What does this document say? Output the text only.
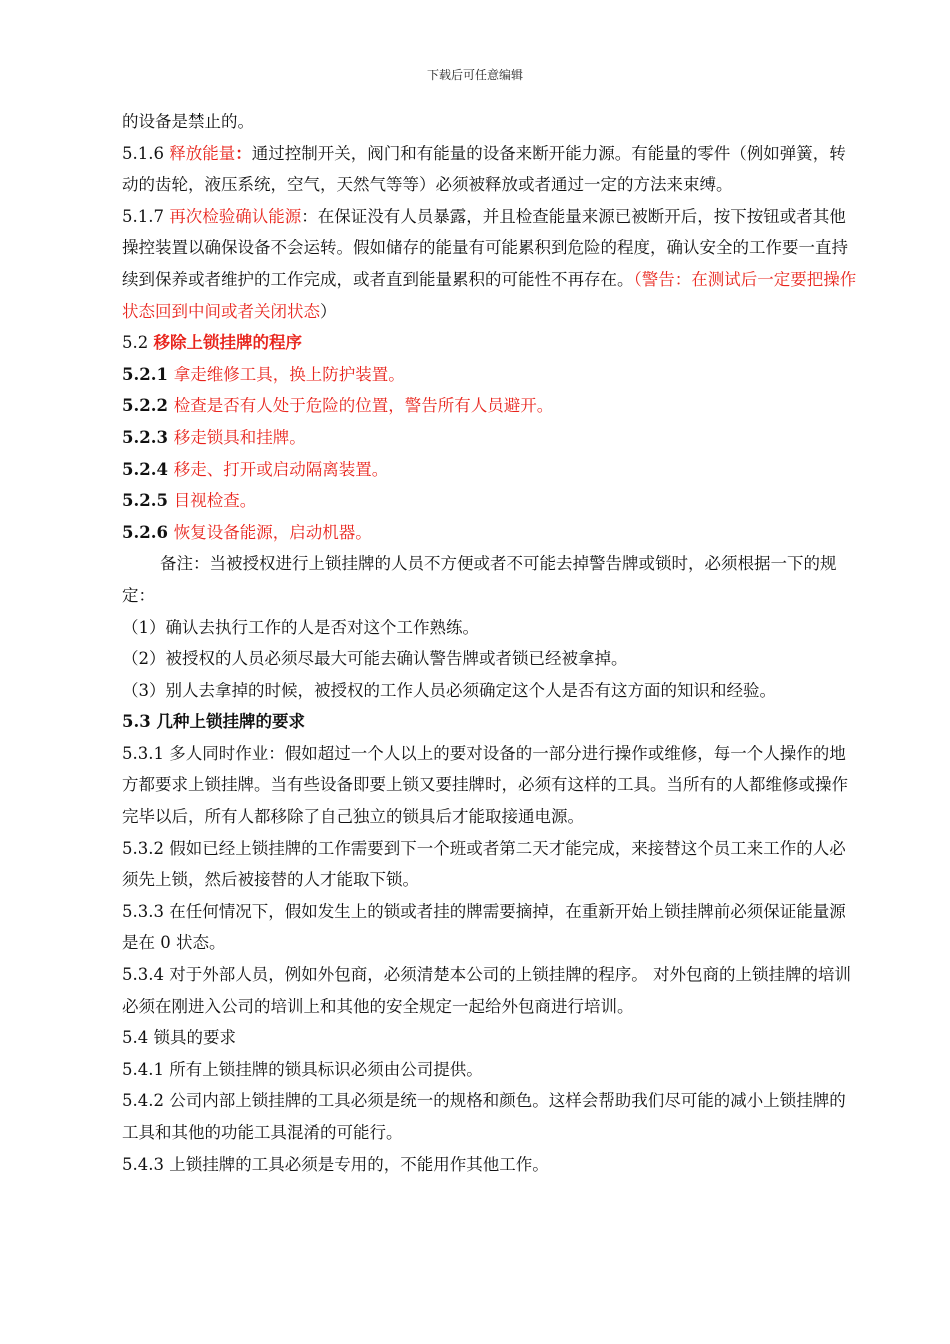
下载后可任意编辑

的设备是禁止的。

5.1.6 释放能量：通过控制开关，阀门和有能量的设备来断开能力源。有能量的零件（例如弹簧，转动的齿轮，液压系统，空气，天然气等等）必须被释放或者通过一定的方法来束缚。

5.1.7 再次检验确认能源：在保证没有人员暴露，并且检查能量来源已被断开后，按下按钮或者其他操控装置以确保设备不会运转。假如储存的能量有可能累积到危险的程度，确认安全的工作要一直持续到保养或者维护的工作完成，或者直到能量累积的可能性不再存在。（警告：在测试后一定要把操作状态回到中间或者关闭状态）

5.2 移除上锁挂牌的程序

5.2.1 拿走维修工具，换上防护装置。

5.2.2 检查是否有人处于危险的位置，警告所有人员避开。

5.2.3 移走锁具和挂牌。

5.2.4 移走、打开或启动隔离装置。

5.2.5 目视检查。

5.2.6 恢复设备能源，启动机器。

备注：当被授权进行上锁挂牌的人员不方便或者不可能去掉警告牌或锁时，必须根据一下的规定：

（1）确认去执行工作的人是否对这个工作熟练。

（2）被授权的人员必须尽最大可能去确认警告牌或者锁已经被拿掉。

（3）别人去拿掉的时候，被授权的工作人员必须确定这个人是否有这方面的知识和经验。

5.3 几种上锁挂牌的要求

5.3.1 多人同时作业：假如超过一个人以上的要对设备的一部分进行操作或维修，每一个人操作的地方都要求上锁挂牌。当有些设备即要上锁又要挂牌时，必须有这样的工具。当所有的人都维修或操作完毕以后，所有人都移除了自己独立的锁具后才能取接通电源。

5.3.2 假如已经上锁挂牌的工作需要到下一个班或者第二天才能完成，来接替这个员工来工作的人必须先上锁，然后被接替的人才能取下锁。

5.3.3 在任何情况下，假如发生上的锁或者挂的牌需要摘掉，在重新开始上锁挂牌前必须保证能量源是在 0 状态。

5.3.4 对于外部人员，例如外包商，必须清楚本公司的上锁挂牌的程序。 对外包商的上锁挂牌的培训必须在刚进入公司的培训上和其他的安全规定一起给外包商进行培训。

5.4 锁具的要求

5.4.1 所有上锁挂牌的锁具标识必须由公司提供。

5.4.2 公司内部上锁挂牌的工具必须是统一的规格和颜色。这样会帮助我们尽可能的减小上锁挂牌的工具和其他的功能工具混淆的可能行。

5.4.3 上锁挂牌的工具必须是专用的，不能用作其他工作。
